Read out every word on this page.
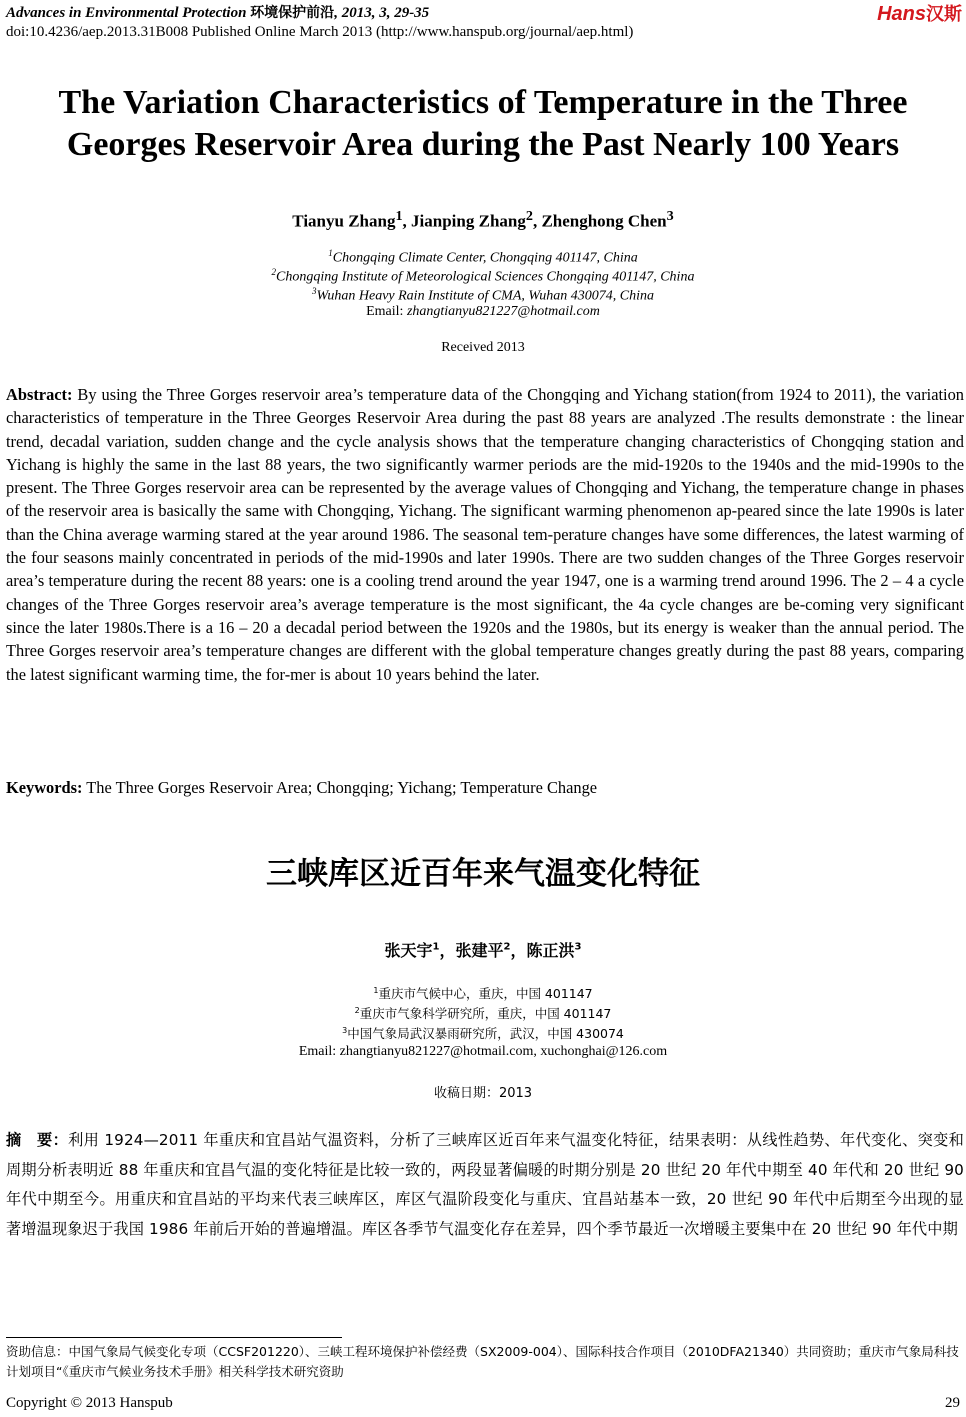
Advances in Environmental Protection 环境保护前沿, 2013, 3, 29-35
doi:10.4236/aep.2013.31B008 Published Online March 2013 (http://www.hanspub.org/journal/aep.html)
Hans汉斯
The Variation Characteristics of Temperature in the Three
Georges Reservoir Area during the Past Nearly 100 Years
Tianyu Zhang$^1$, Jianping Zhang$^2$, Zhenghong Chen$^3$
$^1$Chongqing Climate Center, Chongqing 401147, China
$^2$Chongqing Institute of Meteorological Sciences Chongqing 401147, China
$^3$Wuhan Heavy Rain Institute of CMA, Wuhan 430074, China
Email: zhangtianyu821227@hotmail.com
Received 2013

Abstract: By using the Three Gorges reservoir area’s temperature data of the Chongqing and Yichang station(from 1924 to 2011), the variation characteristics of temperature in the Three Georges Reservoir Area during the past 88 years are analyzed .The results demonstrate : the linear trend, decadal variation, sudden change and the cycle analysis shows that the temperature changing characteristics of Chongqing station and Yichang is highly the same in the last 88 years, the two significantly warmer periods are the mid-1920s to the 1940s and the mid-1990s to the present. The Three Gorges reservoir area can be represented by the average values of Chongqing and Yichang, the temperature change in phases of the reservoir area is basically the same with Chongqing, Yichang. The significant warming phenomenon ap-peared since the late 1990s is later than the China average warming stared at the year around 1986. The seasonal tem-perature changes have some differences, the latest warming of the four seasons mainly concentrated in periods of the mid-1990s and later 1990s. There are two sudden changes of the Three Gorges reservoir area’s temperature during the recent 88 years: one is a cooling trend around the year 1947, one is a warming trend around 1996. The 2 – 4 a cycle changes of the Three Gorges reservoir area’s average temperature is the most significant, the 4a cycle changes are be-coming very significant since the later 1980s.There is a 16 – 20 a decadal period between the 1920s and the 1980s, but its energy is weaker than the annual period. The Three Gorges reservoir area’s temperature changes are different with the global temperature changes greatly during the past 88 years, comparing the latest significant warming time, the for-mer is about 10 years behind the later.

Keywords: The Three Gorges Reservoir Area; Chongqing; Yichang; Temperature Change
三峡库区近百年来气温变化特征
张天宇$^1$，张建平$^2$，陈正洪$^3$
$^1$重庆市气候中心，重庆，中国 401147
$^2$重庆市气象科学研究所，重庆，中国 401147
$^3$中国气象局武汉暴雨研究所，武汉，中国 430074
Email: zhangtianyu821227@hotmail.com, xuchonghai@126.com
收稿日期：2013

摘　要：利用 1924—2011 年重庆和宜昌站气温资料，分析了三峡库区近百年来气温变化特征，结果表明：从线性趋势、年代变化、突变和周期分析表明近 88 年重庆和宜昌气温的变化特征是比较一致的，两段显著偏暖的时期分别是 20 世纪 20 年代中期至 40 年代和 20 世纪 90 年代中期至今。用重庆和宜昌站的平均来代表三峡库区，库区气温阶段变化与重庆、宜昌站基本一致，20 世纪 90 年代中后期至今出现的显著增温现象迟于我国 1986 年前后开始的普遍增温。库区各季节气温变化存在差异，四个季节最近一次增暖主要集中在 20 世纪 90 年代中期

资助信息：中国气象局气候变化专项（CCSF201220）、三峡工程环境保护补偿经费（SX2009-004）、国际科技合作项目（2010DFA21340）共同资助；重庆市气象局科技计划项目“《重庆市气候业务技术手册》相关科学技术研究资助

Copyright © 2013 Hanspub	29
